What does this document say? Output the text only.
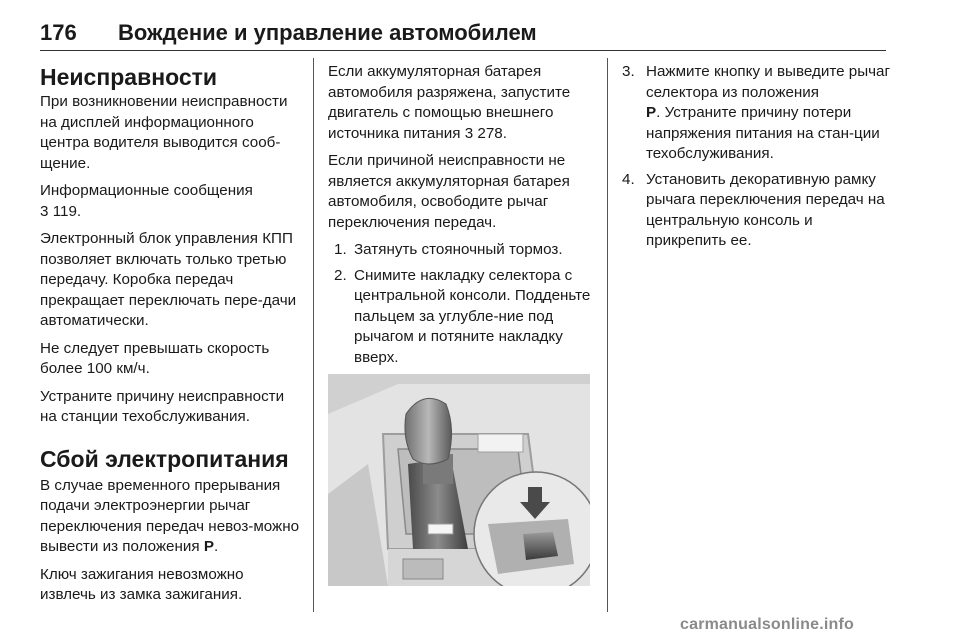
176 Вождение и управление автомобилем
Неисправности

При возникновении неисправности на дисплей информационного центра водителя выводится сооб-щение.

Информационные сообщения
3 119.

Электронный блок управления КПП позволяет включать только третью передачу. Коробка передач прекращает переключать пере-дачи автоматически.

Не следует превышать скорость более 100 км/ч.

Устраните причину неисправности на станции техобслуживания.

Сбой электропитания

В случае временного прерывания подачи электроэнергии рычаг переключения передач невоз-можно вывести из положения P.

Ключ зажигания невозможно извлечь из замка зажигания.

Если аккумуляторная батарея автомобиля разряжена, запустите двигатель с помощью внешнего источника питания 3 278.

Если причиной неисправности не является аккумуляторная батарея автомобиля, освободите рычаг переключения передач.

1. Затянуть стояночный тормоз.
2. Снимите накладку селектора с центральной консоли. Подденьте пальцем за углубле-ние под рычагом и потяните накладку вверх.
3. Нажмите кнопку и выведите рычаг селектора из положения
P. Устраните причину потери напряжения питания на стан-ции техобслуживания.
4. Установить декоративную рамку рычага переключения передач на центральную консоль и прикрепить ее.
carmanualsonline.info
